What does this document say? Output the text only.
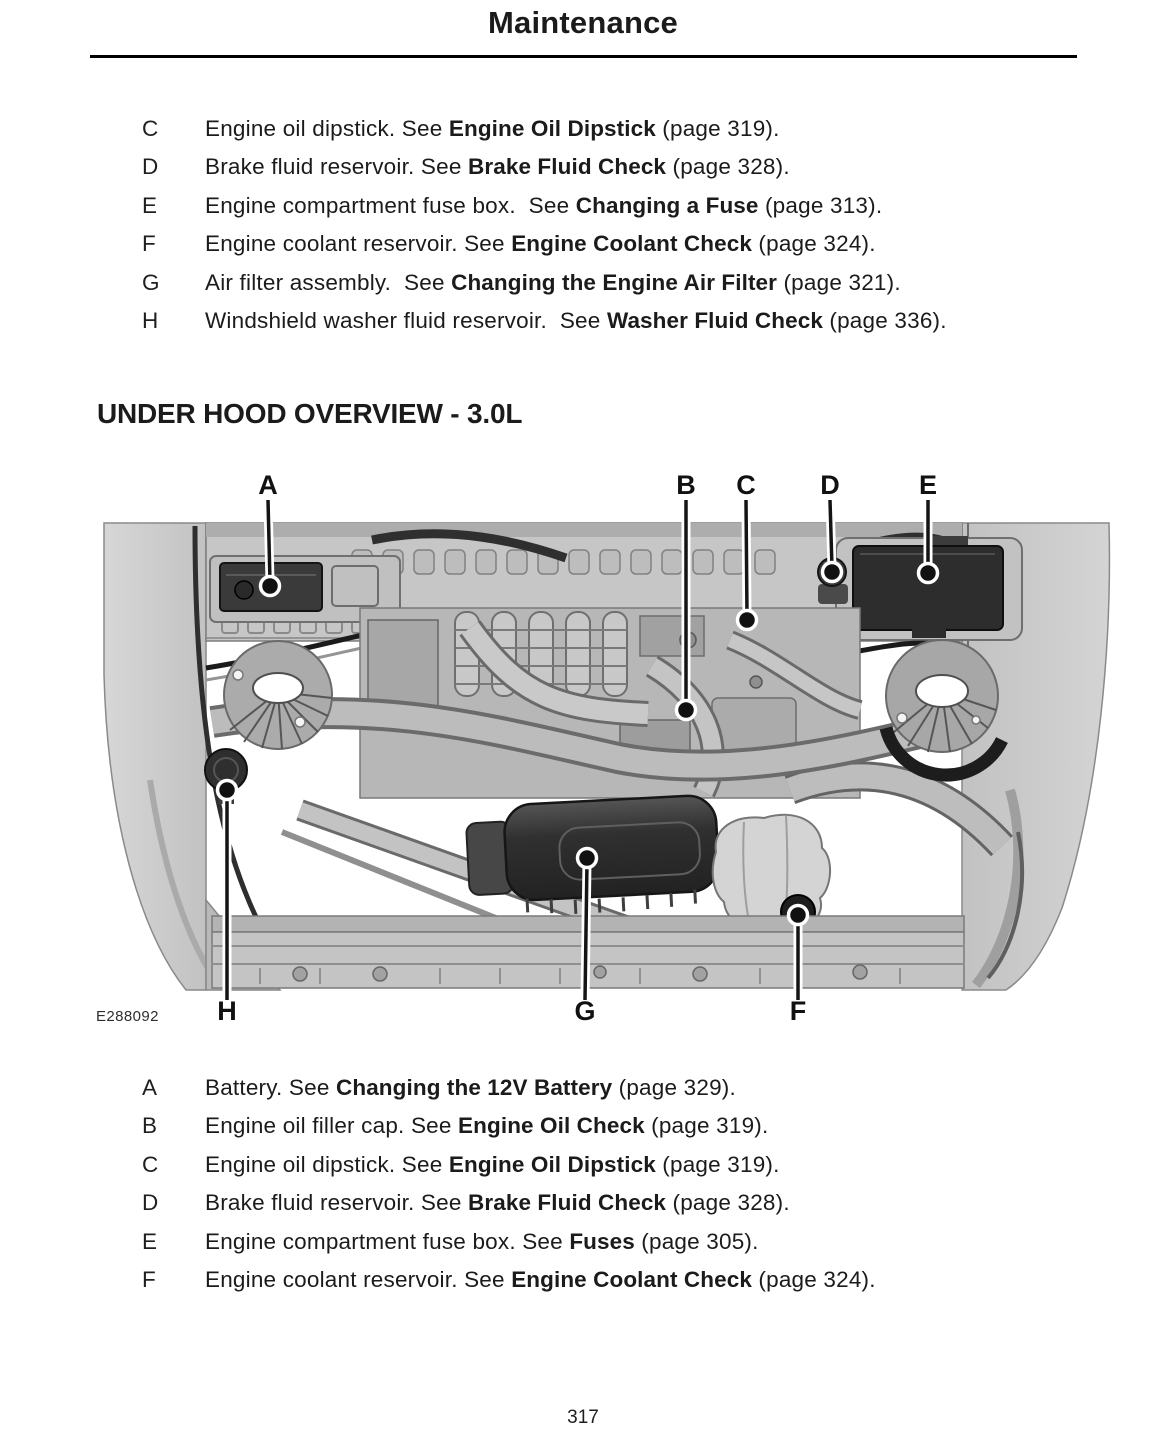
Maintenance
C	Engine oil dipstick. See Engine Oil Dipstick (page 319).
D	Brake fluid reservoir. See Brake Fluid Check (page 328).
E	Engine compartment fuse box.  See Changing a Fuse (page 313).
F	Engine coolant reservoir. See Engine Coolant Check (page 324).
G	Air filter assembly.  See Changing the Engine Air Filter (page 321).
H	Windshield washer fluid reservoir.  See Washer Fluid Check (page 336).
UNDER HOOD OVERVIEW - 3.0L
A	B	C	D	E
H	G	F
E288092
A	Battery. See Changing the 12V Battery (page 329).
B	Engine oil filler cap. See Engine Oil Check (page 319).
C	Engine oil dipstick. See Engine Oil Dipstick (page 319).
D	Brake fluid reservoir. See Brake Fluid Check (page 328).
E	Engine compartment fuse box. See Fuses (page 305).
F	Engine coolant reservoir. See Engine Coolant Check (page 324).
317
